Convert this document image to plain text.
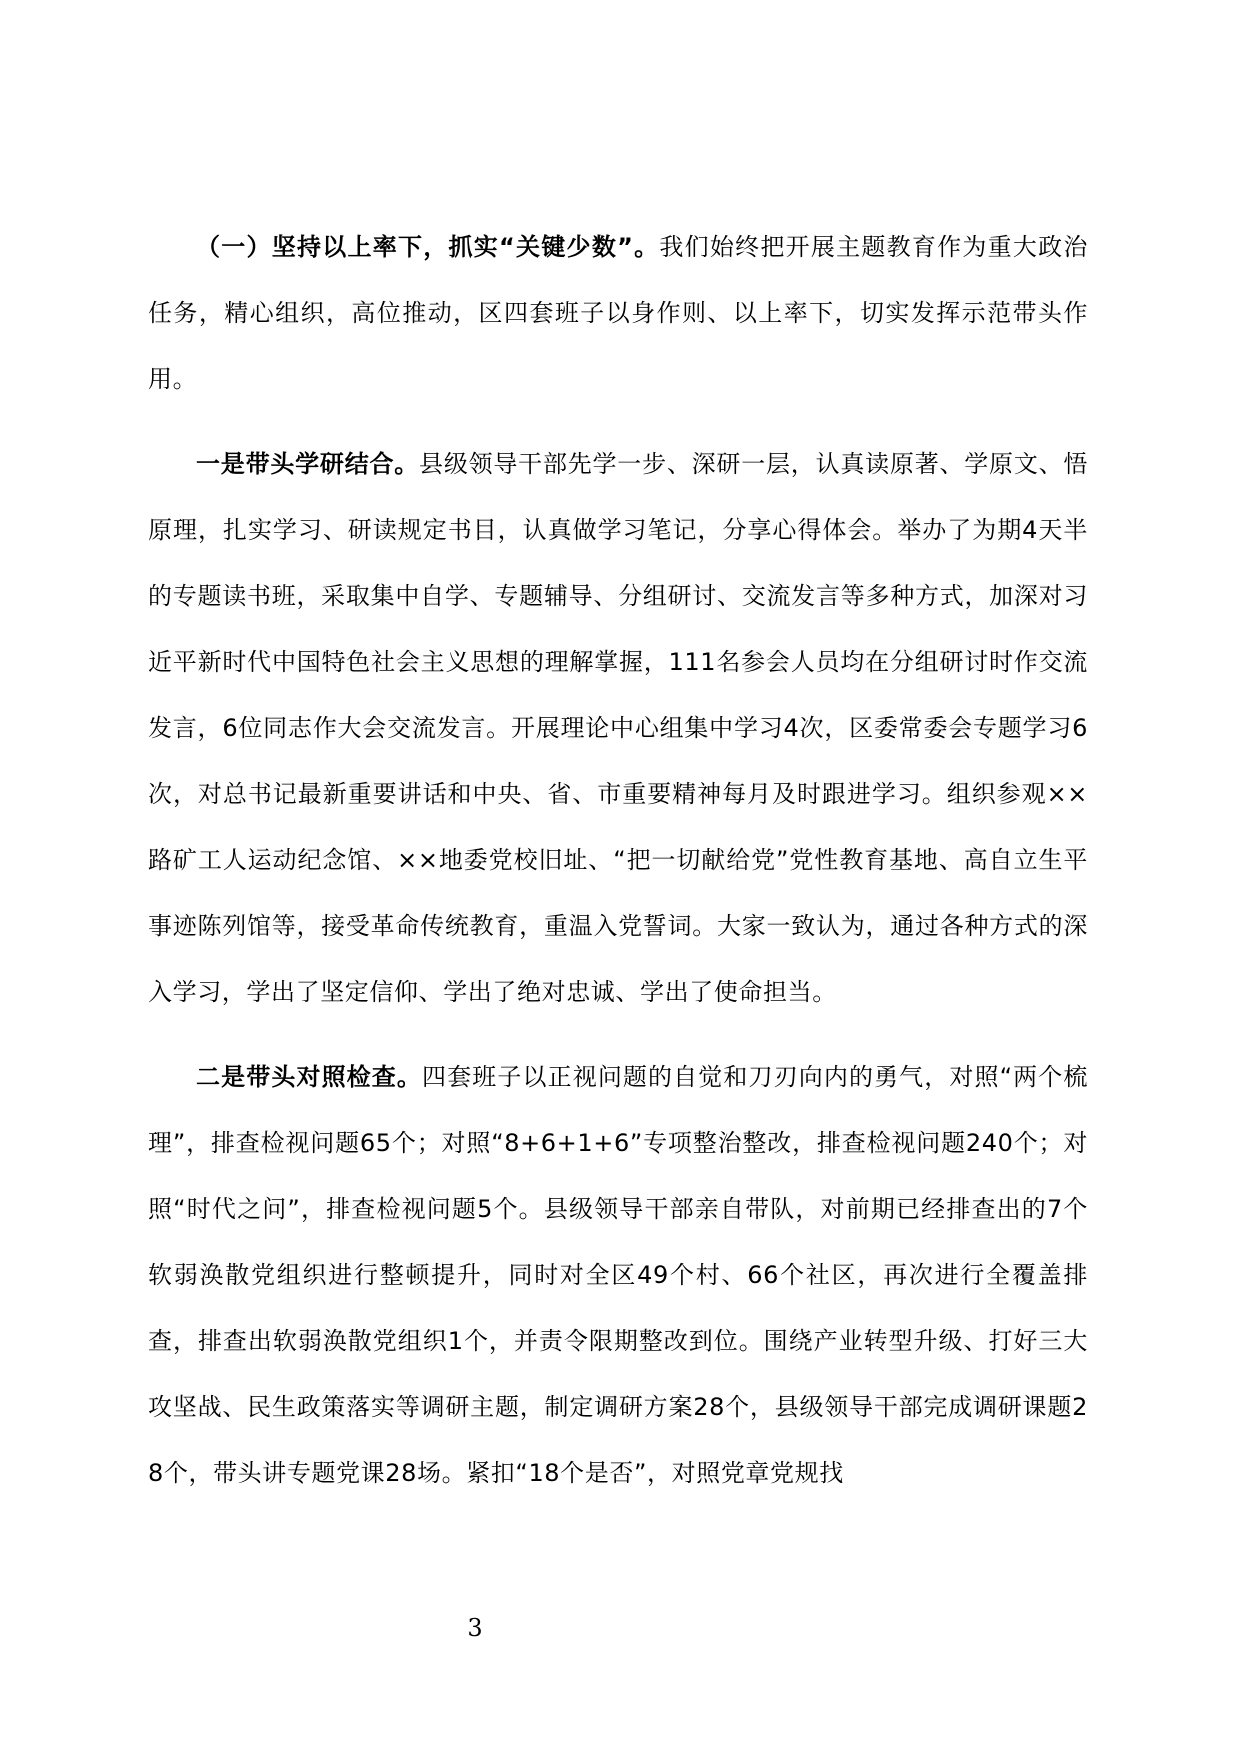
（一）坚持以上率下，抓实“关键少数”。我们始终把开展主题教育作为重大政治任务，精心组织，高位推动，区四套班子以身作则、以上率下，切实发挥示范带头作用。

一是带头学研结合。县级领导干部先学一步、深研一层，认真读原著、学原文、悟原理，扎实学习、研读规定书目，认真做学习笔记，分享心得体会。举办了为期4天半的专题读书班，采取集中自学、专题辅导、分组研讨、交流发言等多种方式，加深对习近平新时代中国特色社会主义思想的理解掌握，111名参会人员均在分组研讨时作交流发言，6位同志作大会交流发言。开展理论中心组集中学习4次，区委常委会专题学习6次，对总书记最新重要讲话和中央、省、市重要精神每月及时跟进学习。组织参观××路矿工人运动纪念馆、××地委党校旧址、“把一切献给党”党性教育基地、高自立生平事迹陈列馆等，接受革命传统教育，重温入党誓词。大家一致认为，通过各种方式的深入学习，学出了坚定信仰、学出了绝对忠诚、学出了使命担当。

二是带头对照检查。四套班子以正视问题的自觉和刀刃向内的勇气，对照“两个梳理”，排查检视问题65个；对照“8+6+1+6”专项整治整改，排查检视问题240个；对照“时代之问”，排查检视问题5个。县级领导干部亲自带队，对前期已经排查出的7个软弱涣散党组织进行整顿提升，同时对全区49个村、66个社区，再次进行全覆盖排查，排查出软弱涣散党组织1个，并责令限期整改到位。围绕产业转型升级、打好三大攻坚战、民生政策落实等调研主题，制定调研方案28个，县级领导干部完成调研课题28个，带头讲专题党课28场。紧扣“18个是否”，对照党章党规找

3
